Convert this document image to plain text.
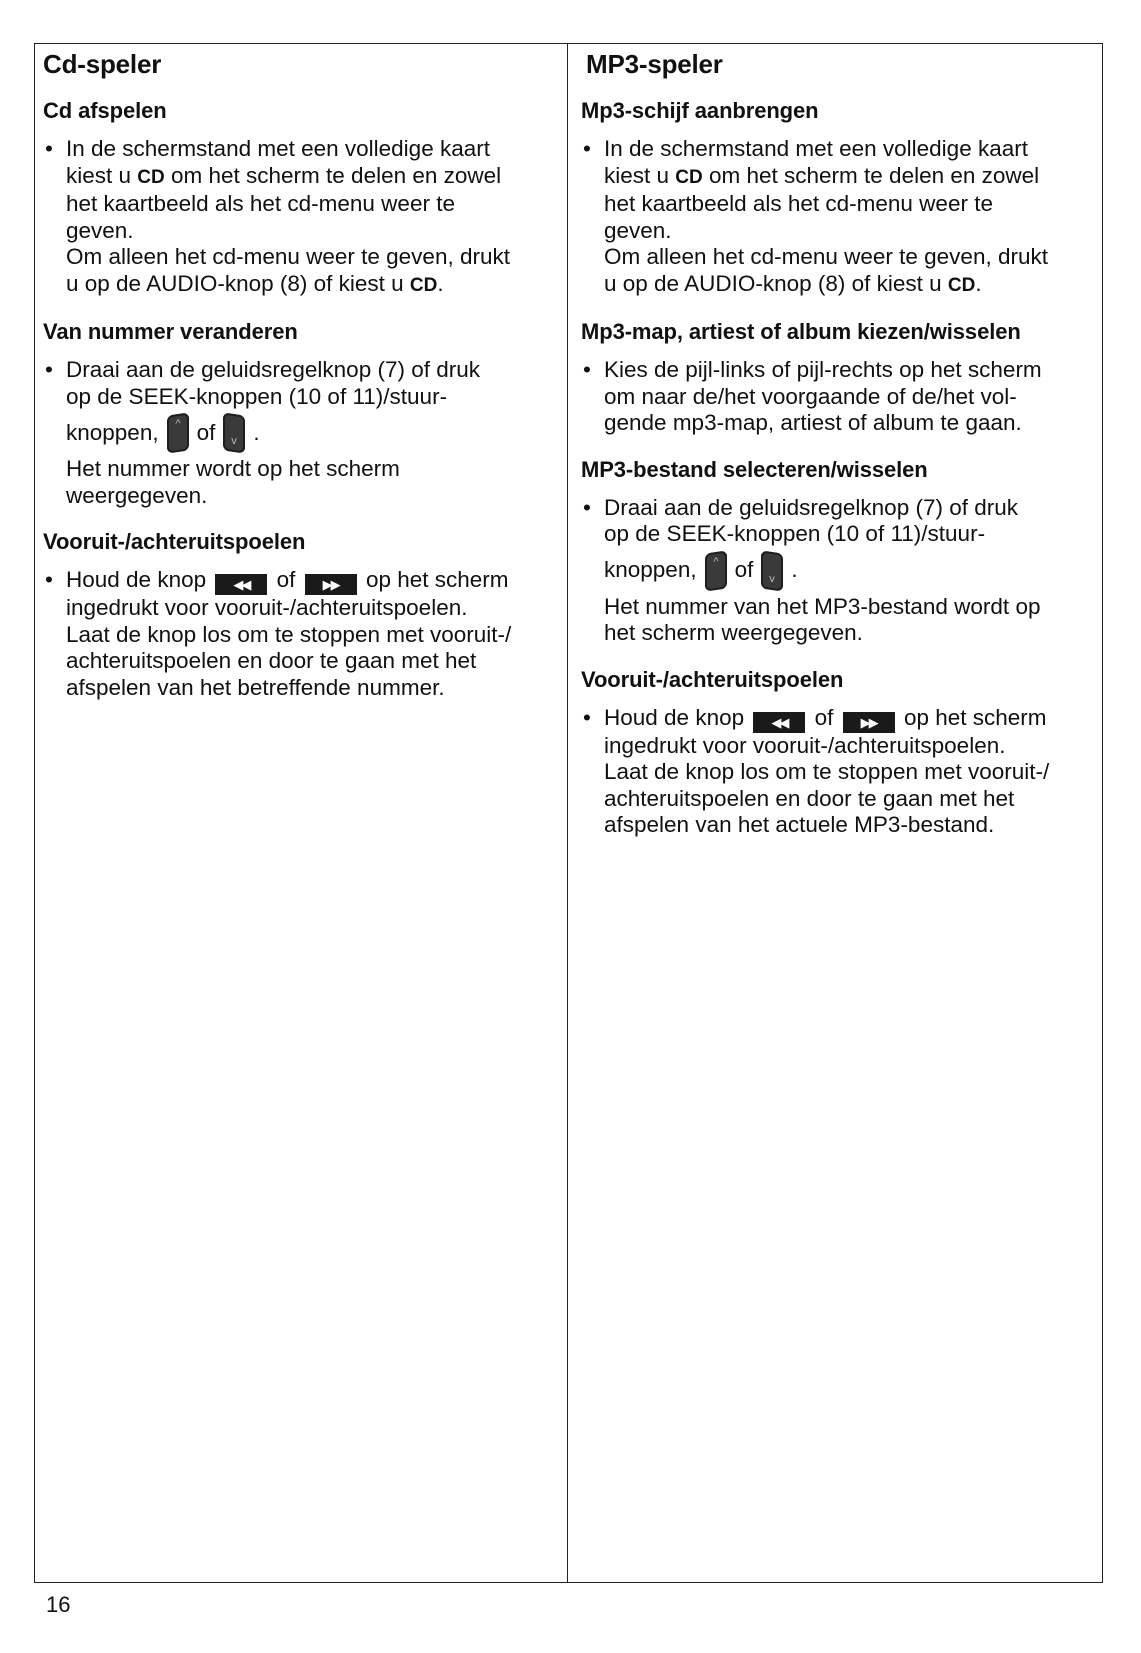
Cd-speler
Cd afspelen
• In de schermstand met een volledige kaart
kiest u CD om het scherm te delen en zowel
het kaartbeeld als het cd-menu weer te
geven.
Om alleen het cd-menu weer te geven, drukt
u op de AUDIO-knop (8) of kiest u CD.
Van nummer veranderen
• Draai aan de geluidsregelknop (7) of druk
op de SEEK-knoppen (10 of 11)/stuur-
knoppen,	^ of	v .
Het nummer wordt op het scherm
weergegeven.
Vooruit-/achteruitspoelen
• Houd de knop ◀◀ of ▶▶ op het scherm
ingedrukt voor vooruit-/achteruitspoelen.
Laat de knop los om te stoppen met vooruit-/
achteruitspoelen en door te gaan met het
afspelen van het betreffende nummer.
MP3-speler
Mp3-schijf aanbrengen
• In de schermstand met een volledige kaart
kiest u CD om het scherm te delen en zowel
het kaartbeeld als het cd-menu weer te
geven.
Om alleen het cd-menu weer te geven, drukt
u op de AUDIO-knop (8) of kiest u CD.
Mp3-map, artiest of album kiezen/wisselen
• Kies de pijl-links of pijl-rechts op het scherm
om naar de/het voorgaande of de/het vol-
gende mp3-map, artiest of album te gaan.
MP3-bestand selecteren/wisselen
• Draai aan de geluidsregelknop (7) of druk
op de SEEK-knoppen (10 of 11)/stuur-
knoppen,	^ of	v .
Het nummer van het MP3-bestand wordt op
het scherm weergegeven.
Vooruit-/achteruitspoelen
• Houd de knop ◀◀ of ▶▶ op het scherm
ingedrukt voor vooruit-/achteruitspoelen.
Laat de knop los om te stoppen met vooruit-/
achteruitspoelen en door te gaan met het
afspelen van het actuele MP3-bestand.
16
